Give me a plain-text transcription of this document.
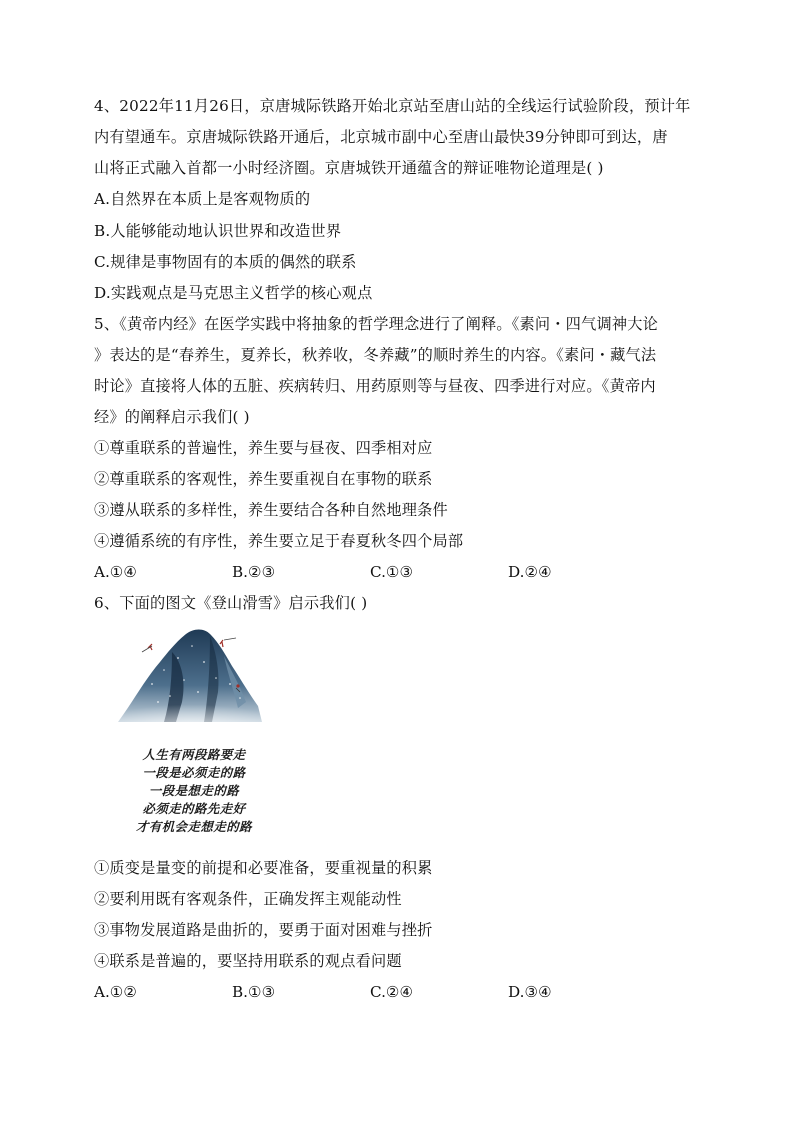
4、2022年11月26日，京唐城际铁路开始北京站至唐山站的全线运行试验阶段，预计年
内有望通车。京唐城际铁路开通后，北京城市副中心至唐山最快39分钟即可到达，唐
山将正式融入首都一小时经济圈。京唐城铁开通蕴含的辩证唯物论道理是( )
A.自然界在本质上是客观物质的
B.人能够能动地认识世界和改造世界
C.规律是事物固有的本质的偶然的联系
D.实践观点是马克思主义哲学的核心观点
5、《黄帝内经》在医学实践中将抽象的哲学理念进行了阐释。《素问・四气调神大论
》表达的是“春养生，夏养长，秋养收，冬养藏”的顺时养生的内容。《素问・藏气法
时论》直接将人体的五脏、疾病转归、用药原则等与昼夜、四季进行对应。《黄帝内
经》的阐释启示我们( )
①尊重联系的普遍性，养生要与昼夜、四季相对应
②尊重联系的客观性，养生要重视自在事物的联系
③遵从联系的多样性，养生要结合各种自然地理条件
④遵循系统的有序性，养生要立足于春夏秋冬四个局部
A.①④	B.②③	C.①③	D.②④
6、下面的图文《登山滑雪》启示我们( )
人生有两段路要走
一段是必须走的路
一段是想走的路
必须走的路先走好
才有机会走想走的路
①质变是量变的前提和必要准备，要重视量的积累
②要利用既有客观条件，正确发挥主观能动性
③事物发展道路是曲折的，要勇于面对困难与挫折
④联系是普遍的，要坚持用联系的观点看问题
A.①②	B.①③	C.②④	D.③④
